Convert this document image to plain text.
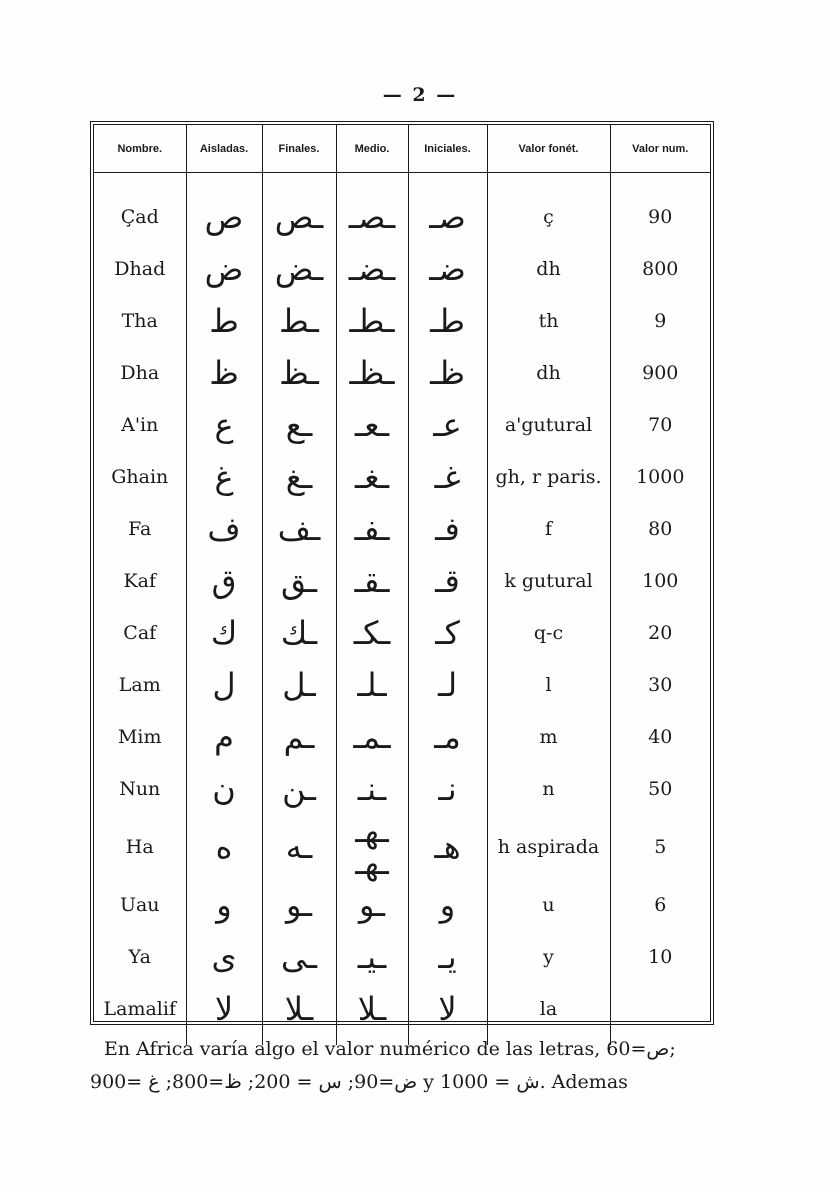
— 2 —
Nombre.	Aisladas.	Finales.	Medio.	Iniciales.	Valor fonét.	Valor num.
Çad	ص	ـص	ـصـ	صـ	ç	90
Dhad	ض	ـض	ـضـ	ضـ	dh	800
Tha	ط	ـط	ـطـ	طـ	th	9
Dha	ظ	ـظ	ـظـ	ظـ	dh	900
A'in	ع	ـع	ـعـ	عـ	a'gutural	70
Ghain	غ	ـغ	ـغـ	غـ	gh, r paris.	1000
Fa	ف	ـف	ـفـ	فـ	f	80
Kaf	ق	ـق	ـقـ	قـ	k gutural	100
Caf	ك	ـك	ـكـ	كـ	q-c	20
Lam	ل	ـل	ـلـ	لـ	l	30
Mim	م	ـم	ـمـ	مـ	m	40
Nun	ن	ـن	ـنـ	نـ	n	50
Ha	ه	ـه	ـهـ ـهـ	هـ	h aspirada	5
Uau	و	ـو	ـو	و	u	6
Ya	ى	ـى	ـيـ	يـ	y	10
Lamalif	لا	ـلا	ـلا	لا	la	
En Africa varía algo el valor numérico de las letras, ص=60;
ض=90; س = 200; ظ=800; غ =900 y ش = 1000. Ademas
